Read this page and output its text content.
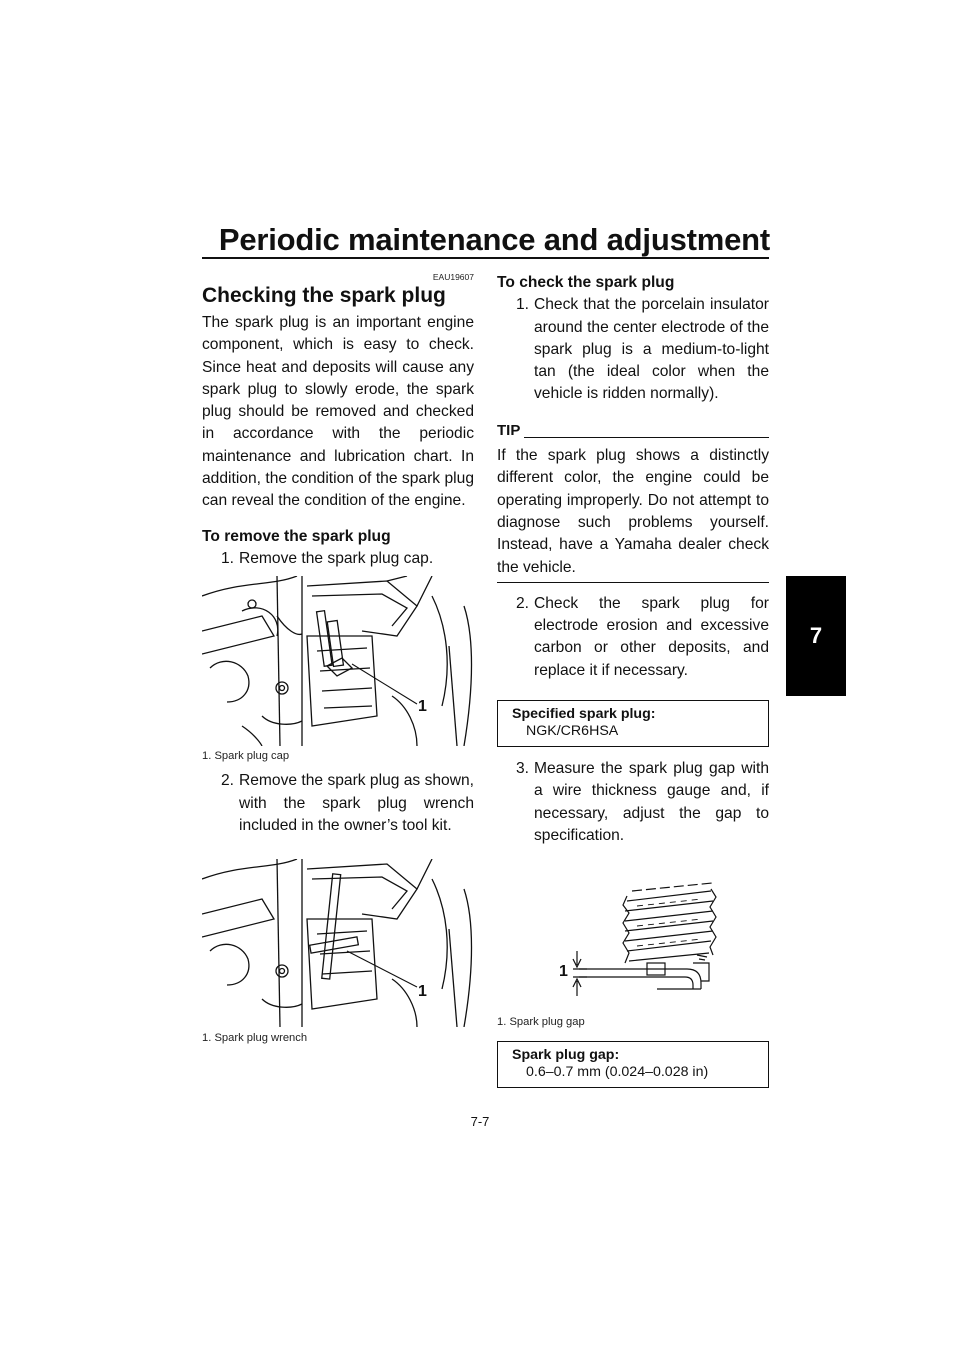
Periodic maintenance and adjustment
7
EAU19607
Checking the spark plug

The spark plug is an important engine component, which is easy to check. Since heat and deposits will cause any spark plug to slowly erode, the spark plug should be removed and checked in accordance with the periodic maintenance and lubrication chart. In addition, the condition of the spark plug can reveal the condition of the engine.

To remove the spark plug

1. Remove the spark plug cap.
1
1. Spark plug cap
2. Remove the spark plug as shown, with the spark plug wrench included in the owner’s tool kit.
1
1. Spark plug wrench

To check the spark plug

1. Check that the porcelain insulator around the center electrode of the spark plug is a medium-to-light tan (the ideal color when the vehicle is ridden normally).
TIP

If the spark plug shows a distinctly different color, the engine could be operating improperly. Do not attempt to diagnose such problems yourself. Instead, have a Yamaha dealer check the vehicle.

2. Check the spark plug for electrode erosion and excessive carbon or other deposits, and replace it if necessary.
Specified spark plug:
NGK/CR6HSA
3. Measure the spark plug gap with a wire thickness gauge and, if necessary, adjust the gap to specification.
1
1. Spark plug gap
Spark plug gap:
0.6–0.7 mm (0.024–0.028 in)
7-7
